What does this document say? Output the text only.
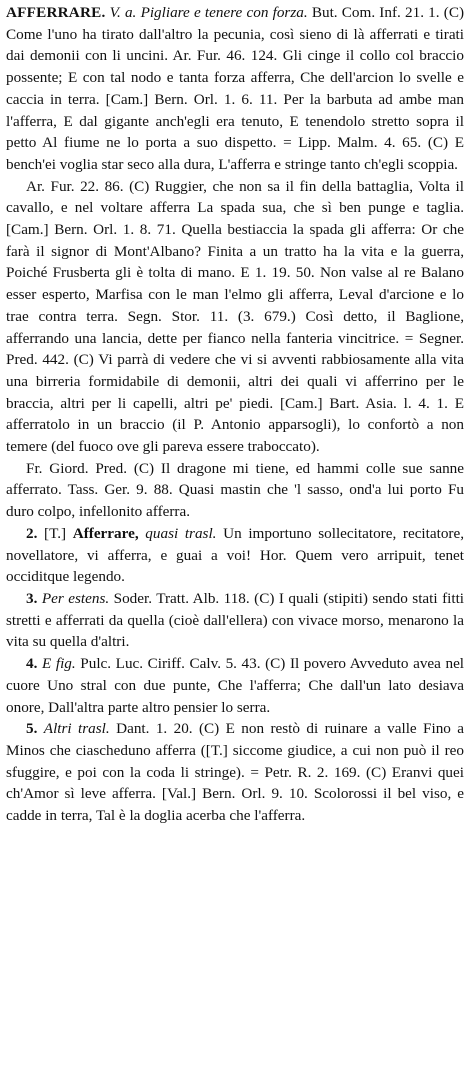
AFFERRARE. V. a. Pigliare e tenere con forza. But. Com. Inf. 21. 1. (C) Come l'uno ha tirato dall'altro la pecunia, così sieno di là afferrati e tirati dai demonii con li uncini. Ar. Fur. 46. 124. Gli cinge il collo col braccio possente; E con tal nodo e tanta forza afferra, Che dell'arcion lo svelle e caccia in terra. [Cam.] Bern. Orl. 1. 6. 11. Per la barbuta ad ambe man l'afferra, E dal gigante anch'egli era tenuto, E tenendolo stretto sopra il petto Al fiume ne lo porta a suo dispetto. = Lipp. Malm. 4. 65. (C) E bench'ei voglia star seco alla dura, L'afferra e stringe tanto ch'egli scoppia.

Ar. Fur. 22. 86. (C) Ruggier, che non sa il fin della battaglia, Volta il cavallo, e nel voltare afferra La spada sua, che sì ben punge e taglia. [Cam.] Bern. Orl. 1. 8. 71. Quella bestiaccia la spada gli afferra: Or che farà il signor di Mont'Albano? Finita a un tratto ha la vita e la guerra, Poiché Frusberta gli è tolta di mano. E 1. 19. 50. Non valse al re Balano esser esperto, Marfisa con le man l'elmo gli afferra, Leval d'arcione e lo trae contra terra. Segn. Stor. 11. (3. 679.) Così detto, il Baglione, afferrando una lancia, dette per fianco nella fanteria vincitrice. = Segner. Pred. 442. (C) Vi parrà di vedere che vi si avventi rabbiosamente alla vita una birreria formidabile di demonii, altri dei quali vi afferrino per le braccia, altri per li capelli, altri pe' piedi. [Cam.] Bart. Asia. l. 4. 1. E afferratolo in un braccio (il P. Antonio apparsogli), lo confortò a non temere (del fuoco ove gli pareva essere traboccato).

Fr. Giord. Pred. (C) Il dragone mi tiene, ed hammi colle sue sanne afferrato. Tass. Ger. 9. 88. Quasi mastin che 'l sasso, ond'a lui porto Fu duro colpo, infellonito afferra.

2. [T.] Afferrare, quasi trasl. Un importuno sollecitatore, recitatore, novellatore, vi afferra, e guai a voi! Hor. Quem vero arripuit, tenet occiditque legendo.

3. Per estens. Soder. Tratt. Alb. 118. (C) I quali (stipiti) sendo stati fitti stretti e afferrati da quella (cioè dall'ellera) con vivace morso, menarono la vita su quella d'altri.

4. E fig. Pulc. Luc. Ciriff. Calv. 5. 43. (C) Il povero Avveduto avea nel cuore Uno stral con due punte, Che l'afferra; Che dall'un lato desiava onore, Dall'altra parte altro pensier lo serra.

5. Altri trasl. Dant. 1. 20. (C) E non restò di ruinare a valle Fino a Minos che ciascheduno afferra ([T.] siccome giudice, a cui non può il reo sfuggire, e poi con la coda li stringe). = Petr. R. 2. 169. (C) Eranvi quei ch'Amor sì leve afferra. [Val.] Bern. Orl. 9. 10. Scolorossi il bel viso, e cadde in terra, Tal è la doglia acerba che l'afferra.
